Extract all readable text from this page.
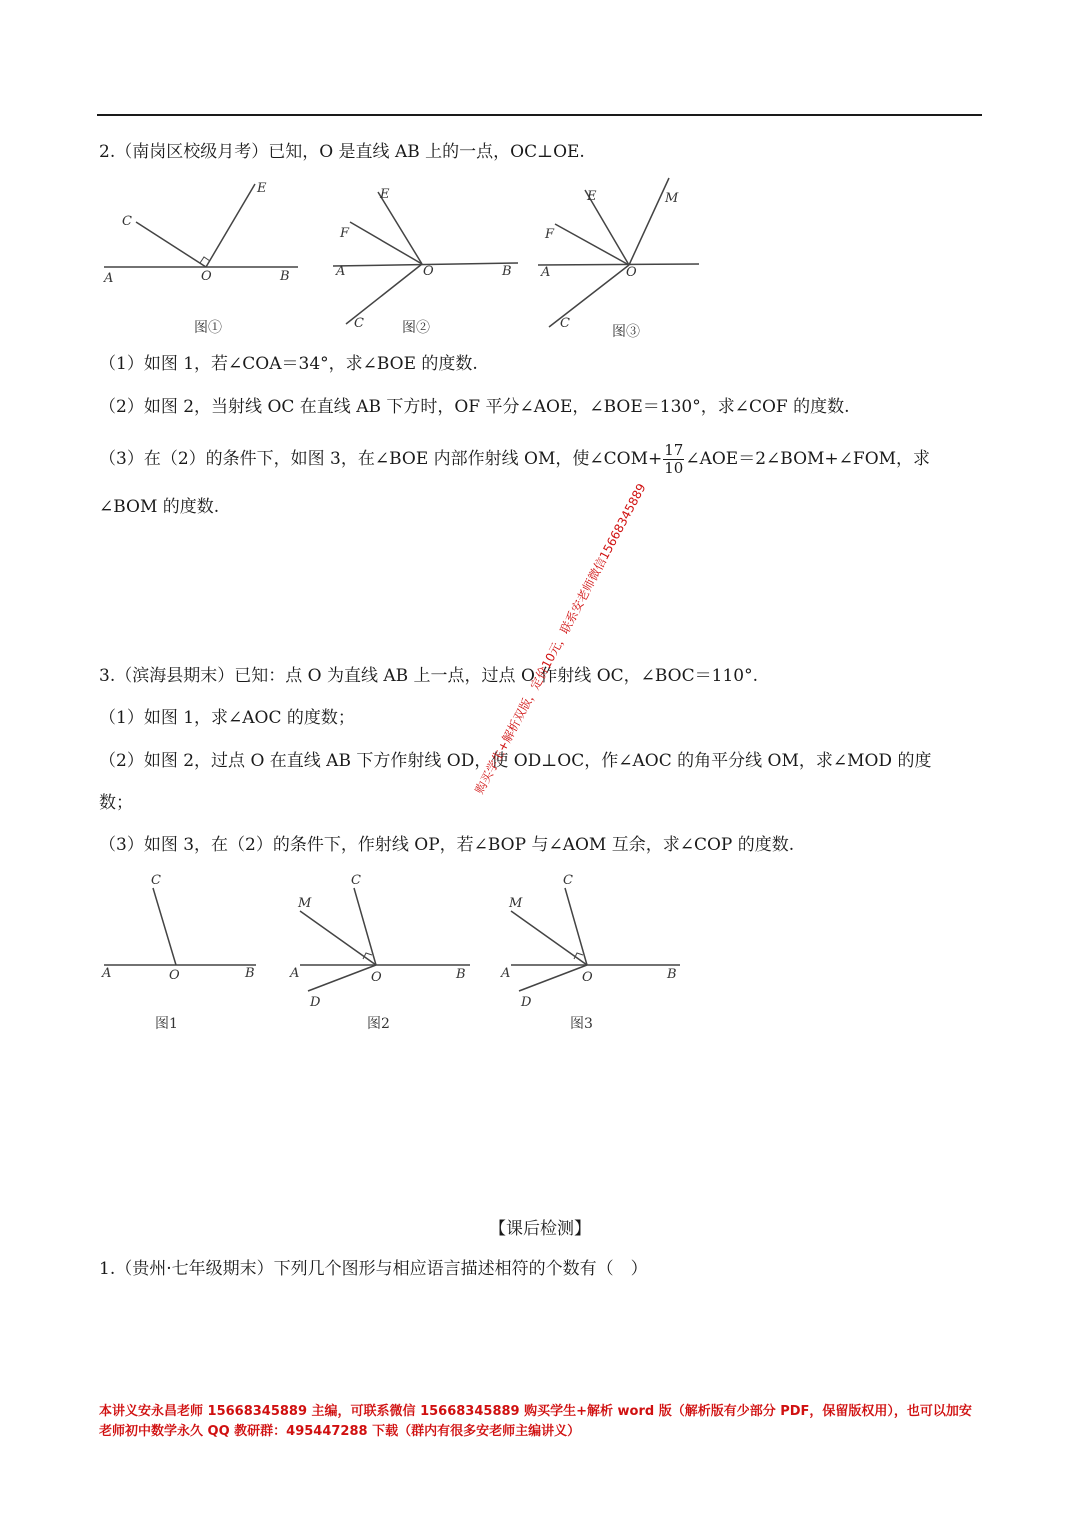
2.（南岗区校级月考）已知，O 是直线 AB 上的一点，OC⊥OE.
C
E
A	O	B
图①
E
F
A	O	B
C	图②
E	M
F
A	O
C
图③
（1）如图 1，若∠COA＝34°，求∠BOE 的度数.
（2）如图 2，当射线 OC 在直线 AB 下方时，OF 平分∠AOE，∠BOE＝130°，求∠COF 的度数.
（3）在（2）的条件下，如图 3，在∠BOE 内部作射线 OM，使∠COM+ $\frac{17}{10}$ ∠AOE＝2∠BOM+∠FOM，求
∠BOM 的度数.
3.（滨海县期末）已知：点 O 为直线 AB 上一点，过点 O 作射线 OC，∠BOC＝110°.
（1）如图 1，求∠AOC 的度数；
（2）如图 2，过点 O 在直线 AB 下方作射线 OD，使 OD⊥OC，作∠AOC 的角平分线 OM，求∠MOD 的度
数；
（3）如图 3，在（2）的条件下，作射线 OP，若∠BOP 与∠AOM 互余，求∠COP 的度数.
C
A	O	B
图1
M
C
A	O	B
D
图2
M
C
A	O	B
D
图3
购买学生+解析双版，定价10元，联系安老师微信15668345889
【课后检测】
1.（贵州·七年级期末）下列几个图形与相应语言描述相符的个数有（　）
本讲义安永昌老师 15668345889 主编，可联系微信 15668345889 购买学生+解析 word 版（解析版有少部分 PDF，保留版权用），也可以加安老师初中数学永久 QQ 教研群：495447288 下载（群内有很多安老师主编讲义）
